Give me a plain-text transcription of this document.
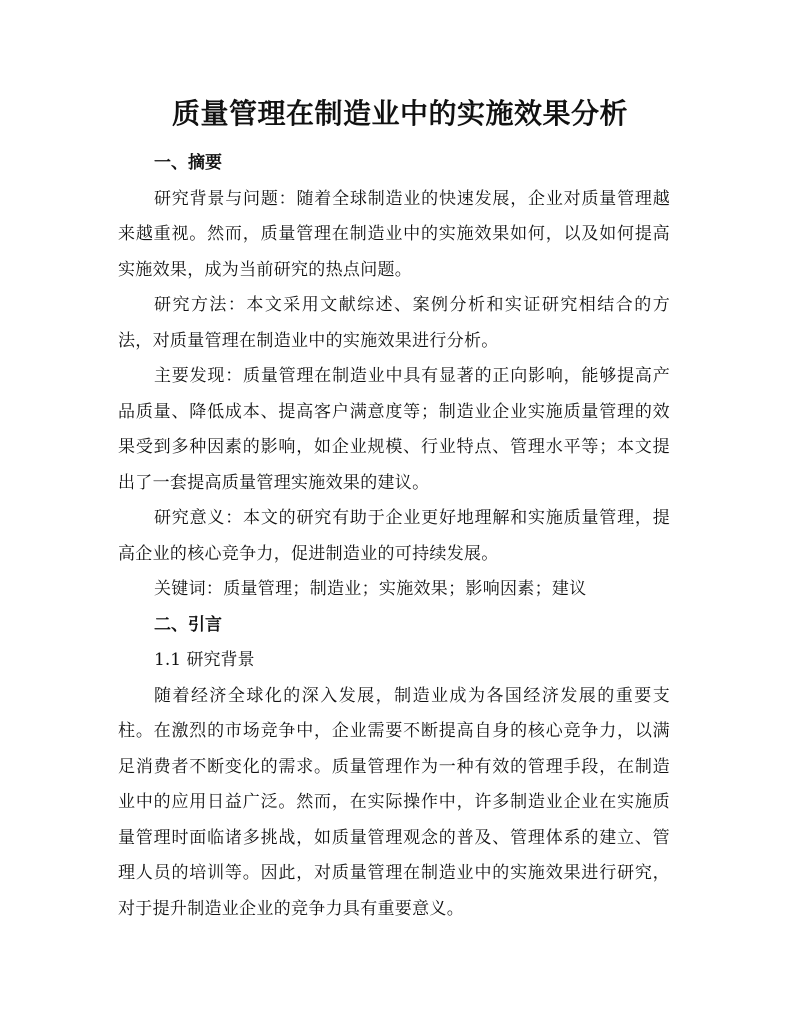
质量管理在制造业中的实施效果分析
一、摘要

研究背景与问题：随着全球制造业的快速发展，企业对质量管理越来越重视。然而，质量管理在制造业中的实施效果如何，以及如何提高实施效果，成为当前研究的热点问题。

研究方法：本文采用文献综述、案例分析和实证研究相结合的方法，对质量管理在制造业中的实施效果进行分析。

主要发现：质量管理在制造业中具有显著的正向影响，能够提高产品质量、降低成本、提高客户满意度等；制造业企业实施质量管理的效果受到多种因素的影响，如企业规模、行业特点、管理水平等；本文提出了一套提高质量管理实施效果的建议。

研究意义：本文的研究有助于企业更好地理解和实施质量管理，提高企业的核心竞争力，促进制造业的可持续发展。

关键词：质量管理；制造业；实施效果；影响因素；建议

二、引言
1.1 研究背景

随着经济全球化的深入发展，制造业成为各国经济发展的重要支柱。在激烈的市场竞争中，企业需要不断提高自身的核心竞争力，以满足消费者不断变化的需求。质量管理作为一种有效的管理手段，在制造业中的应用日益广泛。然而，在实际操作中，许多制造业企业在实施质量管理时面临诸多挑战，如质量管理观念的普及、管理体系的建立、管理人员的培训等。因此，对质量管理在制造业中的实施效果进行研究，对于提升制造业企业的竞争力具有重要意义。
